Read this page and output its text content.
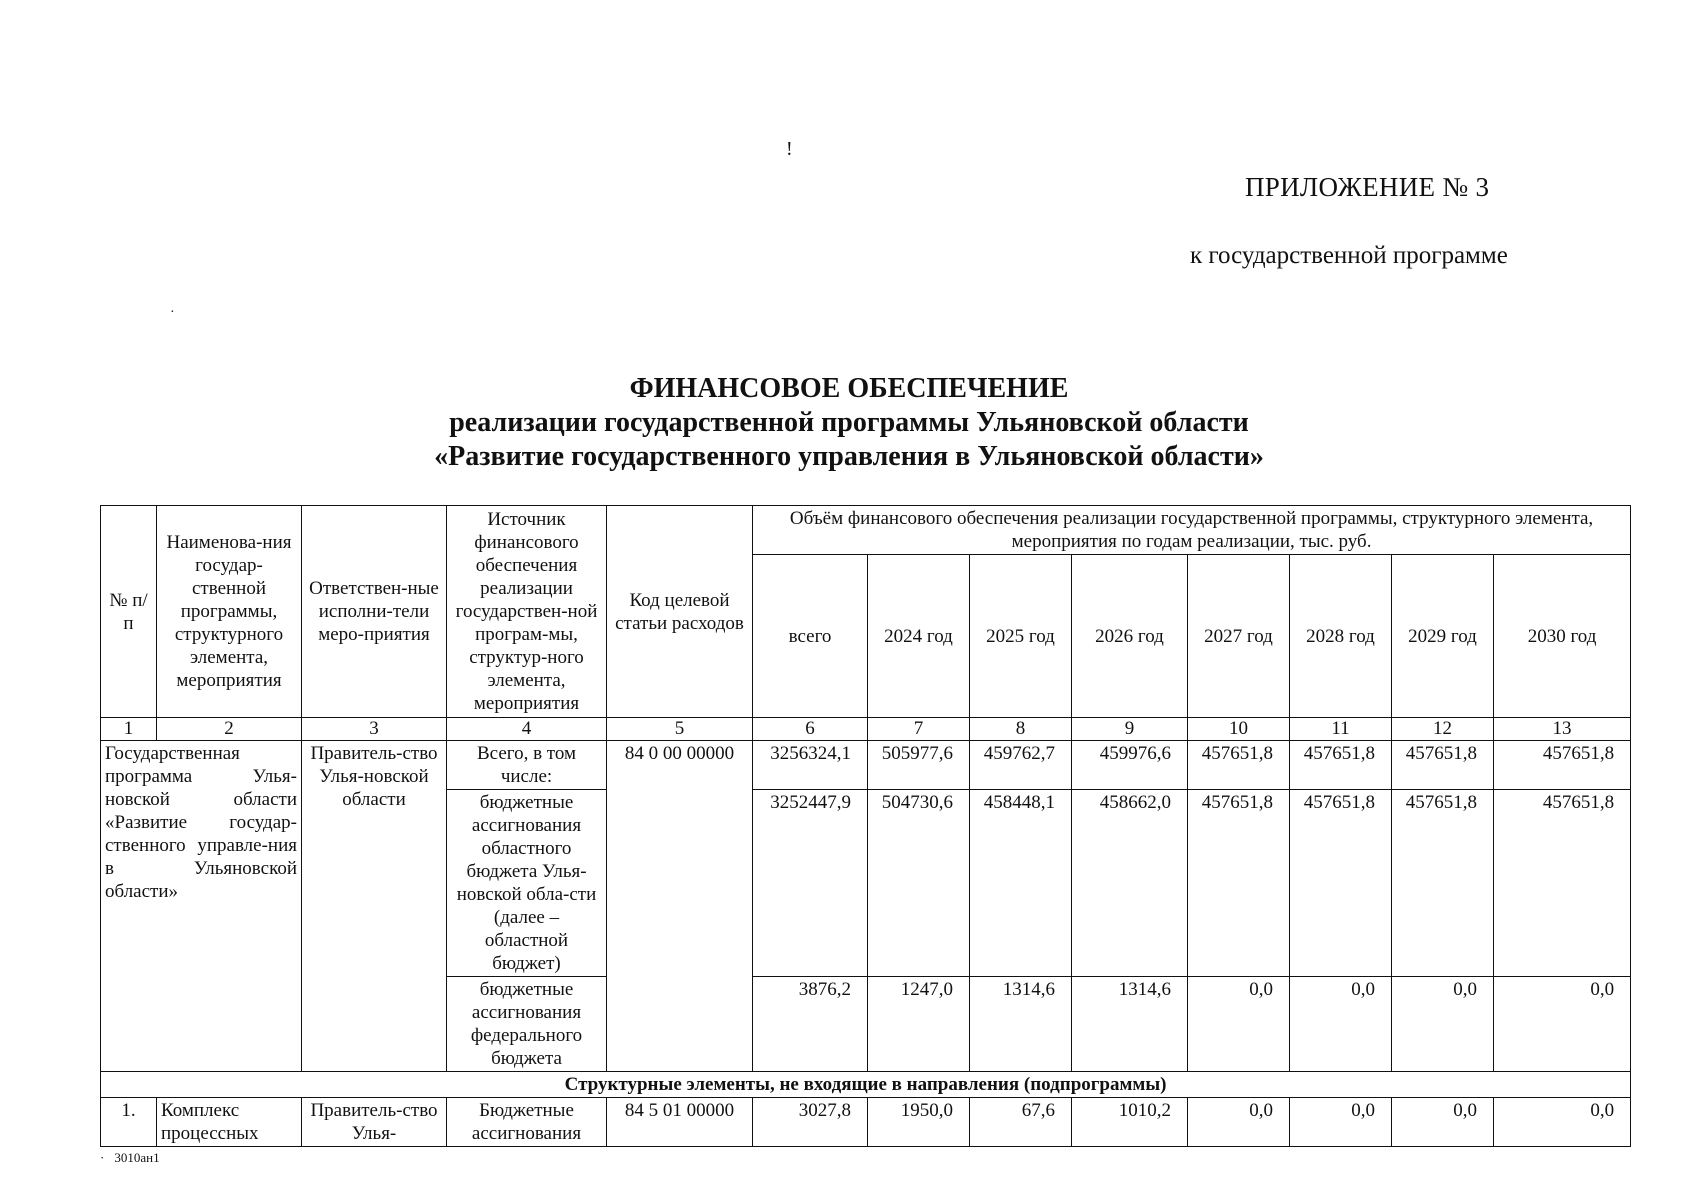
!
·
ПРИЛОЖЕНИЕ № 3
к государственной программе
ФИНАНСОВОЕ ОБЕСПЕЧЕНИЕ
реализации государственной программы Ульяновской области
«Развитие государственного управления в Ульяновской области»
№ п/п	Наименова-ния государ-ственной программы, структурного элемента, мероприятия	Ответствен-ные исполни-тели меро-приятия	Источник финансового обеспечения реализации государствен-ной програм-мы, структур-ного элемента, мероприятия	Код целевой статьи расходов	Объём финансового обеспечения реализации государственной программы, структурного элемента, мероприятия по годам реализации, тыс. руб.							
					всего	2024 год	2025 год	2026 год	2027 год	2028 год	2029 год	2030 год
1	2	3	4	5	6	7	8	9	10	11	12	13
Государственная программа Улья-новской области «Развитие государ-ственного управле-ния в Ульяновской области»		Правитель-ство Улья-новской области	Всего, в том числе:	84 0 00 00000	3256324,1	505977,6	459762,7	459976,6	457651,8	457651,8	457651,8	457651,8
			бюджетные ассигнования областного бюджета Улья-новской обла-сти (далее – областной бюджет)		3252447,9	504730,6	458448,1	458662,0	457651,8	457651,8	457651,8	457651,8
			бюджетные ассигнования федерального бюджета		3876,2	1247,0	1314,6	1314,6	0,0	0,0	0,0	0,0
Структурные элементы, не входящие в направления (подпрограммы)												
1.	Комплекс процессных	Правитель-ство Улья-	Бюджетные ассигнования	84 5 01 00000	3027,8	1950,0	67,6	1010,2	0,0	0,0	0,0	0,0
· 3010ан1
